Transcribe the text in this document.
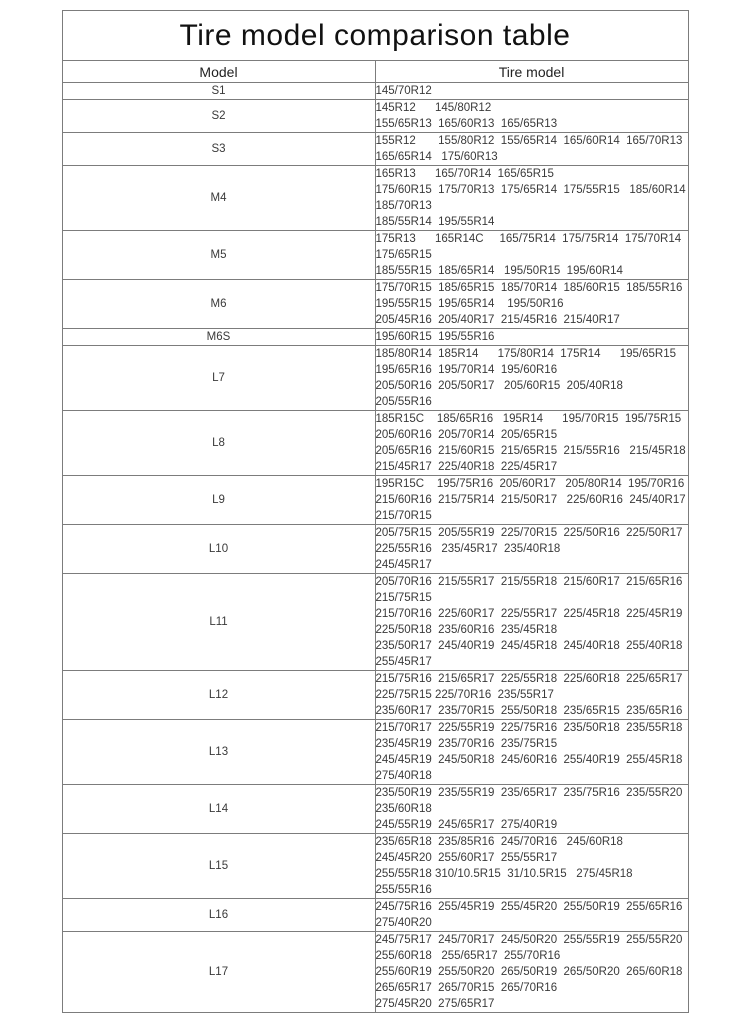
Tire model comparison table	
Model	Tire model
S1	145/70R12

S2	145R12      145/80R12
155/65R13  165/60R13  165/65R13

S3	155R12       155/80R12  155/65R14  165/60R14  165/70R13
165/65R14   175/60R13

M4	165R13      165/70R14  165/65R15
175/60R15  175/70R13  175/65R14  175/55R15   185/60R14  185/70R13
185/55R14  195/55R14

M5	175R13      165R14C     165/75R14  175/75R14  175/70R14  175/65R15
185/55R15  185/65R14   195/50R15  195/60R14

M6	175/70R15  185/65R15  185/70R14  185/60R15  185/55R16  195/55R15  195/65R14    195/50R16
205/45R16  205/40R17  215/45R16  215/40R17

M6S	195/60R15  195/55R16

L7	185/80R14  185R14      175/80R14  175R14      195/65R15  195/65R16  195/70R14  195/60R16
205/50R16  205/50R17   205/60R15  205/40R18   205/55R16

L8	185R15C    185/65R16   195R14      195/70R15  195/75R15  205/60R16  205/70R14  205/65R15
205/65R16  215/60R15  215/65R15  215/55R16   215/45R18  215/45R17  225/40R18  225/45R17

L9	195R15C    195/75R16  205/60R17   205/80R14  195/70R16
215/60R16  215/75R14  215/50R17   225/60R16  245/40R17  215/70R15

L10	205/75R15  205/55R19  225/70R15  225/50R16  225/50R17  225/55R16   235/45R17  235/40R18
245/45R17

L11	205/70R16  215/55R17  215/55R18  215/60R17  215/65R16  215/75R15
215/70R16  225/60R17  225/55R17  225/45R18  225/45R19  225/50R18  235/60R16  235/45R18
235/50R17  245/40R19  245/45R18  245/40R18  255/40R18  255/45R17

L12	215/75R16  215/65R17  225/55R18  225/60R18  225/65R17  225/75R15 225/70R16  235/55R17
235/60R17  235/70R15  255/50R18  235/65R15  235/65R16

L13	215/70R17  225/55R19  225/75R16  235/50R18  235/55R18  235/45R19  235/70R16  235/75R15
245/45R19  245/50R18  245/60R16  255/40R19  255/45R18  275/40R18

L14	235/50R19  235/55R19  235/65R17  235/75R16  235/55R20  235/60R18
245/55R19  245/65R17  275/40R19

L15	235/65R18  235/85R16  245/70R16   245/60R18    245/45R20  255/60R17  255/55R17
255/55R18 310/10.5R15  31/10.5R15   275/45R18  255/55R16

L16	245/75R16  255/45R19  255/45R20  255/50R19  255/65R16  275/40R20

L17	245/75R17  245/70R17  245/50R20  255/55R19  255/55R20  255/60R18   255/65R17  255/70R16
255/60R19  255/50R20  265/50R19  265/50R20  265/60R18  265/65R17  265/70R15  265/70R16
275/45R20  275/65R17
